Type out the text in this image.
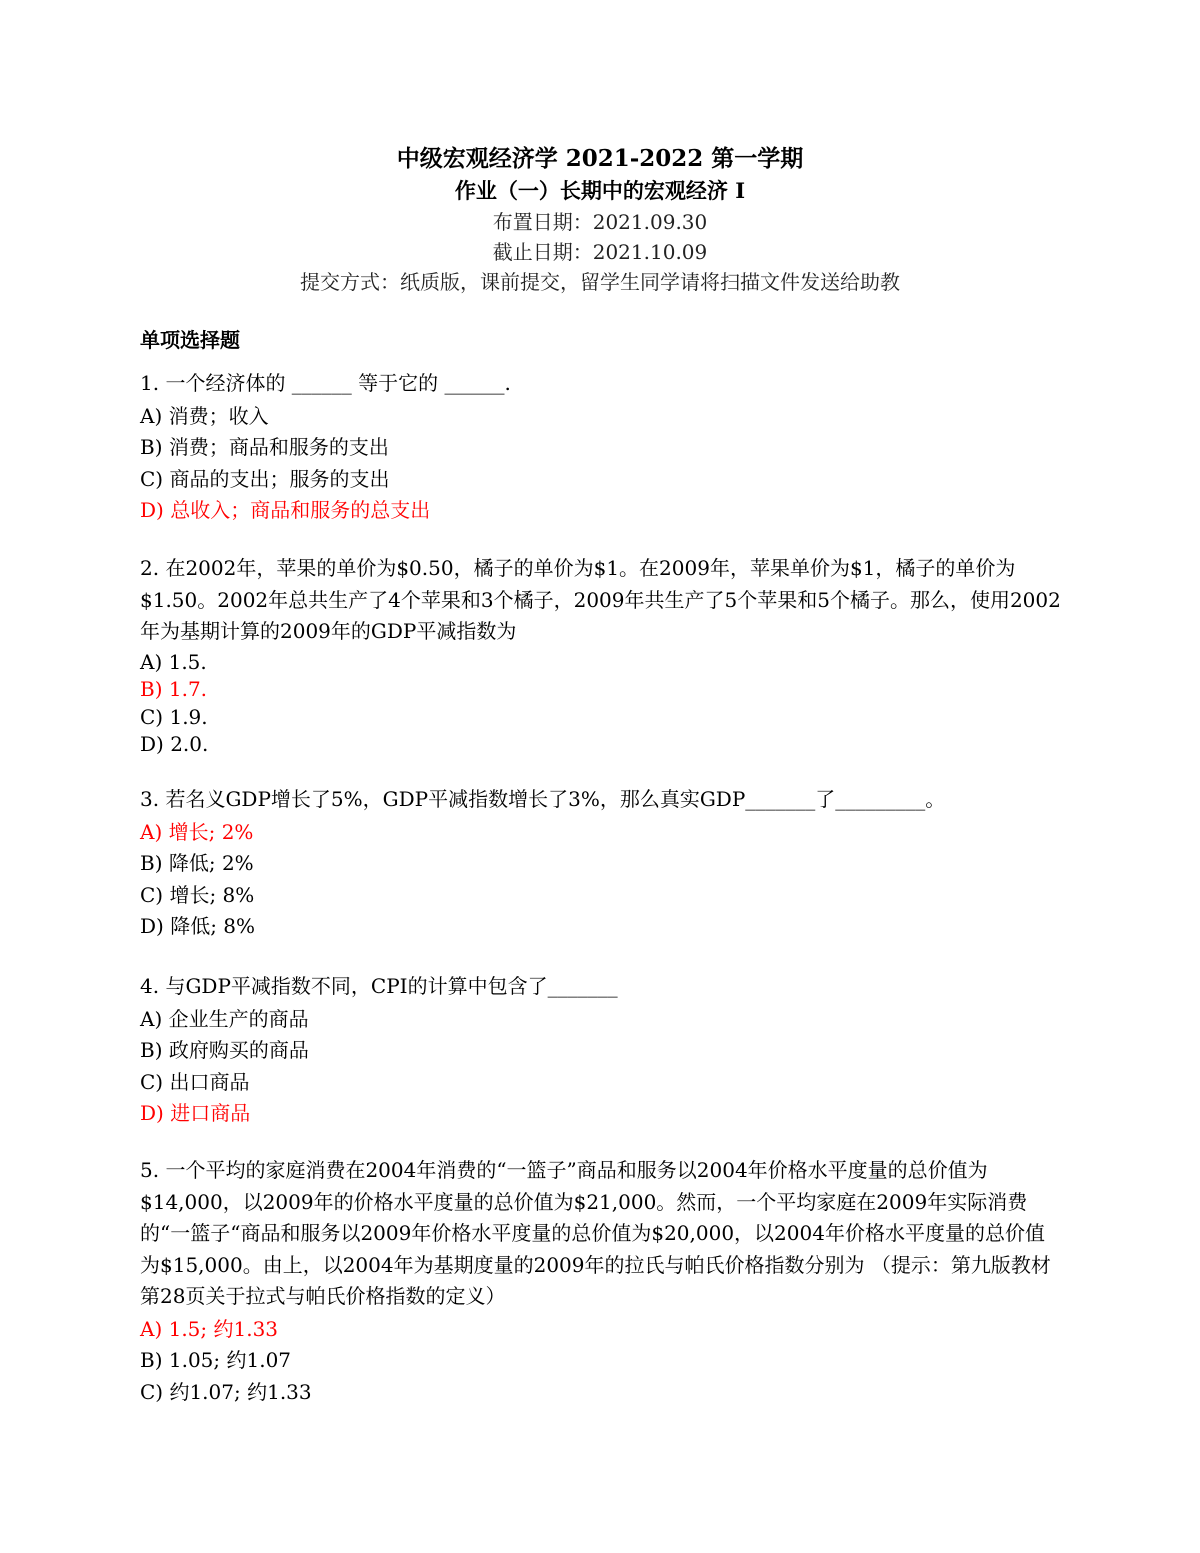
中级宏观经济学 2021-2022 第一学期
作业（一）长期中的宏观经济 I
布置日期：2021.09.30
截止日期：2021.10.09
提交方式：纸质版，课前提交，留学生同学请将扫描文件发送给助教
单项选择题
1. 一个经济体的 ______ 等于它的 ______.
A) 消费；收入
B) 消费；商品和服务的支出
C) 商品的支出；服务的支出
D) 总收入；商品和服务的总支出
2. 在2002年，苹果的单价为$0.50，橘子的单价为$1。在2009年，苹果单价为$1，橘子的单价为$1.50。2002年总共生产了4个苹果和3个橘子，2009年共生产了5个苹果和5个橘子。那么，使用2002年为基期计算的2009年的GDP平减指数为
A) 1.5.
B) 1.7.
C) 1.9.
D) 2.0.
3. 若名义GDP增长了5%，GDP平减指数增长了3%，那么真实GDP_______了_________。
A) 增长; 2%
B) 降低; 2%
C) 增长; 8%
D) 降低; 8%
4. 与GDP平减指数不同，CPI的计算中包含了_______
A) 企业生产的商品
B) 政府购买的商品
C) 出口商品
D) 进口商品
5. 一个平均的家庭消费在2004年消费的“一篮子”商品和服务以2004年价格水平度量的总价值为$14,000，以2009年的价格水平度量的总价值为$21,000。然而，一个平均家庭在2009年实际消费的“一篮子“商品和服务以2009年价格水平度量的总价值为$20,000，以2004年价格水平度量的总价值为$15,000。由上，以2004年为基期度量的2009年的拉氏与帕氏价格指数分别为 （提示：第九版教材第28页关于拉式与帕氏价格指数的定义）
A) 1.5; 约1.33
B) 1.05; 约1.07
C) 约1.07; 约1.33
